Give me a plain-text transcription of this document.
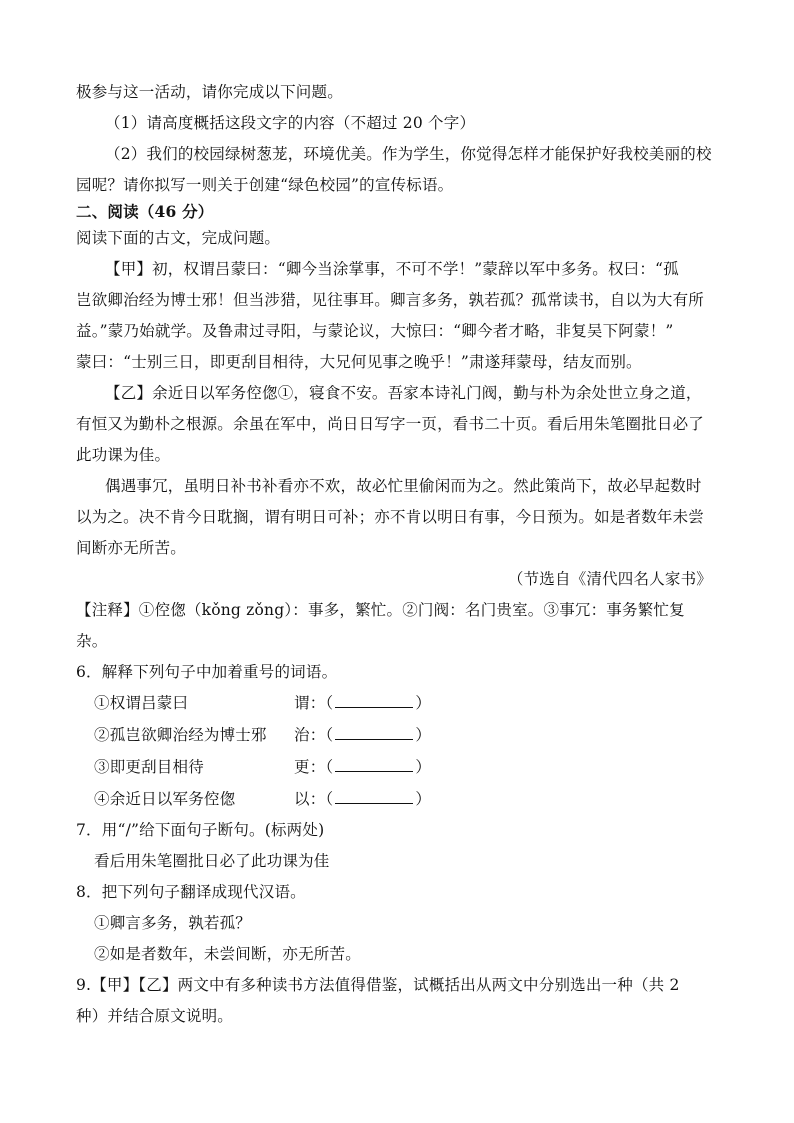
极参与这一活动，请你完成以下问题。
（1）请高度概括这段文字的内容（不超过 20 个字）
（2）我们的校园绿树葱茏，环境优美。作为学生，你觉得怎样才能保护好我校美丽的校
园呢？请你拟写一则关于创建“绿色校园”的宣传标语。
二、阅读（46 分）
阅读下面的古文，完成问题。
【甲】初，权谓吕蒙曰：“卿今当涂掌事，不可不学！”蒙辞以军中多务。权曰：“孤
岂欲卿治经为博士邪！但当涉猎，见往事耳。卿言多务，孰若孤？孤常读书，自以为大有所
益。”蒙乃始就学。及鲁肃过寻阳，与蒙论议，大惊曰：“卿今者才略，非复吴下阿蒙！”
蒙曰：“士别三日，即更刮目相待，大兄何见事之晚乎！”肃遂拜蒙母，结友而别。
【乙】余近日以军务倥偬①，寝食不安。吾家本诗礼门阀，勤与朴为余处世立身之道，
有恒又为勤朴之根源。余虽在军中，尚日日写字一页，看书二十页。看后用朱笔圈批日必了
此功课为佳。
偶遇事冗，虽明日补书补看亦不欢，故必忙里偷闲而为之。然此策尚下，故必早起数时
以为之。决不肯今日耽搁，谓有明日可补；亦不肯以明日有事，今日预为。如是者数年未尝
间断亦无所苦。
（节选自《清代四名人家书》
【注释】①倥偬（kǒng zǒng）：事多，繁忙。②门阀：名门贵室。③事冗：事务繁忙复
杂。
6．解释下列句子中加着重号的词语。
①权谓吕蒙曰	谓：（	）
②孤岂欲卿治经为博士邪 治：（	）
③即更刮目相待	更：（	）
④余近日以军务倥偬	以：（	）
7．用“/”给下面句子断句。(标两处)
看后用朱笔圈批日必了此功课为佳
8．把下列句子翻译成现代汉语。
①卿言多务，孰若孤？
②如是者数年，未尝间断，亦无所苦。
9.【甲】【乙】两文中有多种读书方法值得借鉴，试概括出从两文中分别选出一种（共 2
种）并结合原文说明。
